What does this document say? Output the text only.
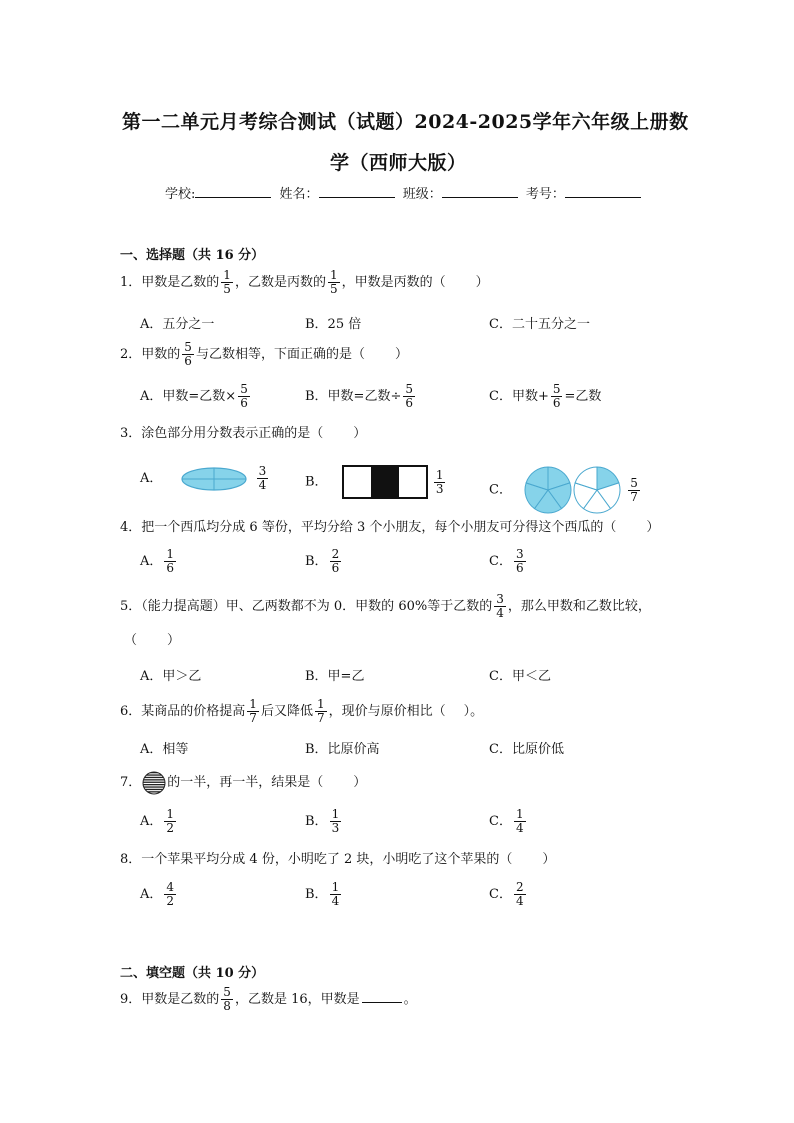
第一二单元月考综合测试（试题）2024-2025学年六年级上册数
学（西师大版）
学校:	姓名：	班级：	考号：
一、选择题（共 16 分）
1．甲数是乙数的 $\frac{1}{5}$ ，乙数是丙数的 $\frac{1}{5}$ ，甲数是丙数的（ ）
A．五分之一	B．25 倍	C．二十五分之一
2．甲数的 $\frac{5}{6}$ 与乙数相等，下面正确的是（ ）
A．甲数=乙数× $\frac{5}{6}$	B．甲数=乙数÷ $\frac{5}{6}$	C．甲数+ $\frac{5}{6}$ =乙数
3．涂色部分用分数表示正确的是（ ）
A．	$\frac{3}{4}$	B．	$\frac{1}{3}$	C．	$\frac{5}{7}$
4．把一个西瓜均分成 6 等份，平均分给 3 个小朋友，每个小朋友可分得这个西瓜的（ ）
A． $\frac{1}{6}$	B． $\frac{2}{6}$	C． $\frac{3}{6}$
5．（能力提高题）甲、乙两数都不为 0．甲数的 60%等于乙数的 $\frac{3}{4}$ ，那么甲数和乙数比较，
（ ）
A．甲＞乙	B．甲=乙	C．甲＜乙
6．某商品的价格提高 $\frac{1}{7}$ 后又降低 $\frac{1}{7}$ ，现价与原价相比（ ）。
A．相等	B．比原价高	C．比原价低
7． 的一半，再一半，结果是（ ）
A． $\frac{1}{2}$	B． $\frac{1}{3}$	C． $\frac{1}{4}$
8．一个苹果平均分成 4 份，小明吃了 2 块，小明吃了这个苹果的（ ）
A． $\frac{4}{2}$	B． $\frac{1}{4}$	C． $\frac{2}{4}$
二、填空题（共 10 分）
9．甲数是乙数的 $\frac{5}{8}$ ，乙数是 16，甲数是	。
